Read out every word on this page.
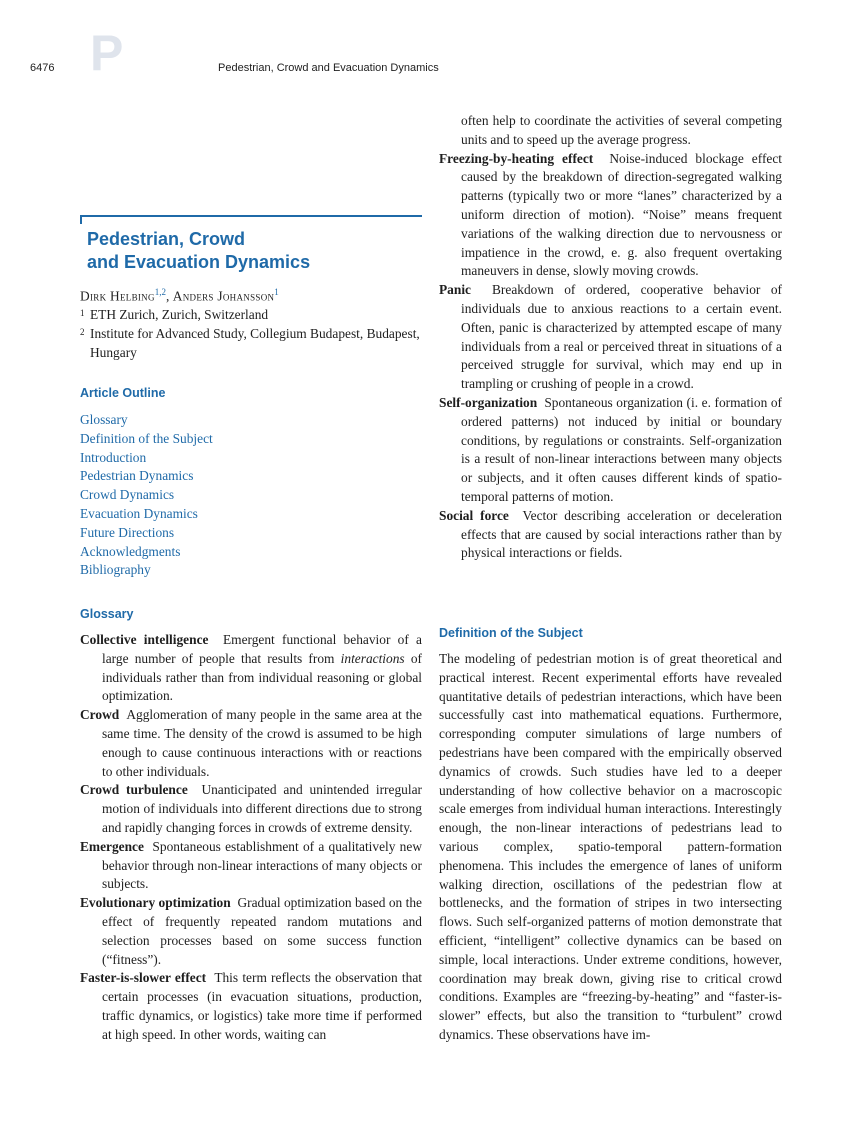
6476 P	Pedestrian, Crowd and Evacuation Dynamics
Pedestrian, Crowd
and Evacuation Dynamics
Dirk Helbing$^{1,2}$, Anders Johansson$^1$
1 ETH Zurich, Zurich, Switzerland
2 Institute for Advanced Study, Collegium Budapest, Budapest, Hungary
Article Outline
Glossary
Definition of the Subject
Introduction
Pedestrian Dynamics
Crowd Dynamics
Evacuation Dynamics
Future Directions
Acknowledgments
Bibliography
Glossary

Collective intelligence Emergent functional behavior of a large number of people that results from interactions of individuals rather than from individual reasoning or global optimization.

Crowd Agglomeration of many people in the same area at the same time. The density of the crowd is assumed to be high enough to cause continuous interactions with or reactions to other individuals.

Crowd turbulence Unanticipated and unintended irregular motion of individuals into different directions due to strong and rapidly changing forces in crowds of extreme density.

Emergence Spontaneous establishment of a qualitatively new behavior through non-linear interactions of many objects or subjects.

Evolutionary optimization Gradual optimization based on the effect of frequently repeated random mutations and selection processes based on some success function (“fitness”).

Faster-is-slower effect This term reflects the observation that certain processes (in evacuation situations, production, traffic dynamics, or logistics) take more time if performed at high speed. In other words, waiting can

often help to coordinate the activities of several competing units and to speed up the average progress.

Freezing-by-heating effect Noise-induced blockage effect caused by the breakdown of direction-segregated walking patterns (typically two or more “lanes” characterized by a uniform direction of motion). “Noise” means frequent variations of the walking direction due to nervousness or impatience in the crowd, e. g. also frequent overtaking maneuvers in dense, slowly moving crowds.

Panic Breakdown of ordered, cooperative behavior of individuals due to anxious reactions to a certain event. Often, panic is characterized by attempted escape of many individuals from a real or perceived threat in situations of a perceived struggle for survival, which may end up in trampling or crushing of people in a crowd.

Self-organization Spontaneous organization (i. e. formation of ordered patterns) not induced by initial or boundary conditions, by regulations or constraints. Self-organization is a result of non-linear interactions between many objects or subjects, and it often causes different kinds of spatio-temporal patterns of motion.

Social force Vector describing acceleration or deceleration effects that are caused by social interactions rather than by physical interactions or fields.

Definition of the Subject

The modeling of pedestrian motion is of great theoretical and practical interest. Recent experimental efforts have revealed quantitative details of pedestrian interactions, which have been successfully cast into mathematical equations. Furthermore, corresponding computer simulations of large numbers of pedestrians have been compared with the empirically observed dynamics of crowds. Such studies have led to a deeper understanding of how collective behavior on a macroscopic scale emerges from individual human interactions. Interestingly enough, the non-linear interactions of pedestrians lead to various complex, spatio-temporal pattern-formation phenomena. This includes the emergence of lanes of uniform walking direction, oscillations of the pedestrian flow at bottlenecks, and the formation of stripes in two intersecting flows. Such self-organized patterns of motion demonstrate that efficient, “intelligent” collective dynamics can be based on simple, local interactions. Under extreme conditions, however, coordination may break down, giving rise to critical crowd conditions. Examples are “freezing-by-heating” and “faster-is-slower” effects, but also the transition to “turbulent” crowd dynamics. These observations have im-
